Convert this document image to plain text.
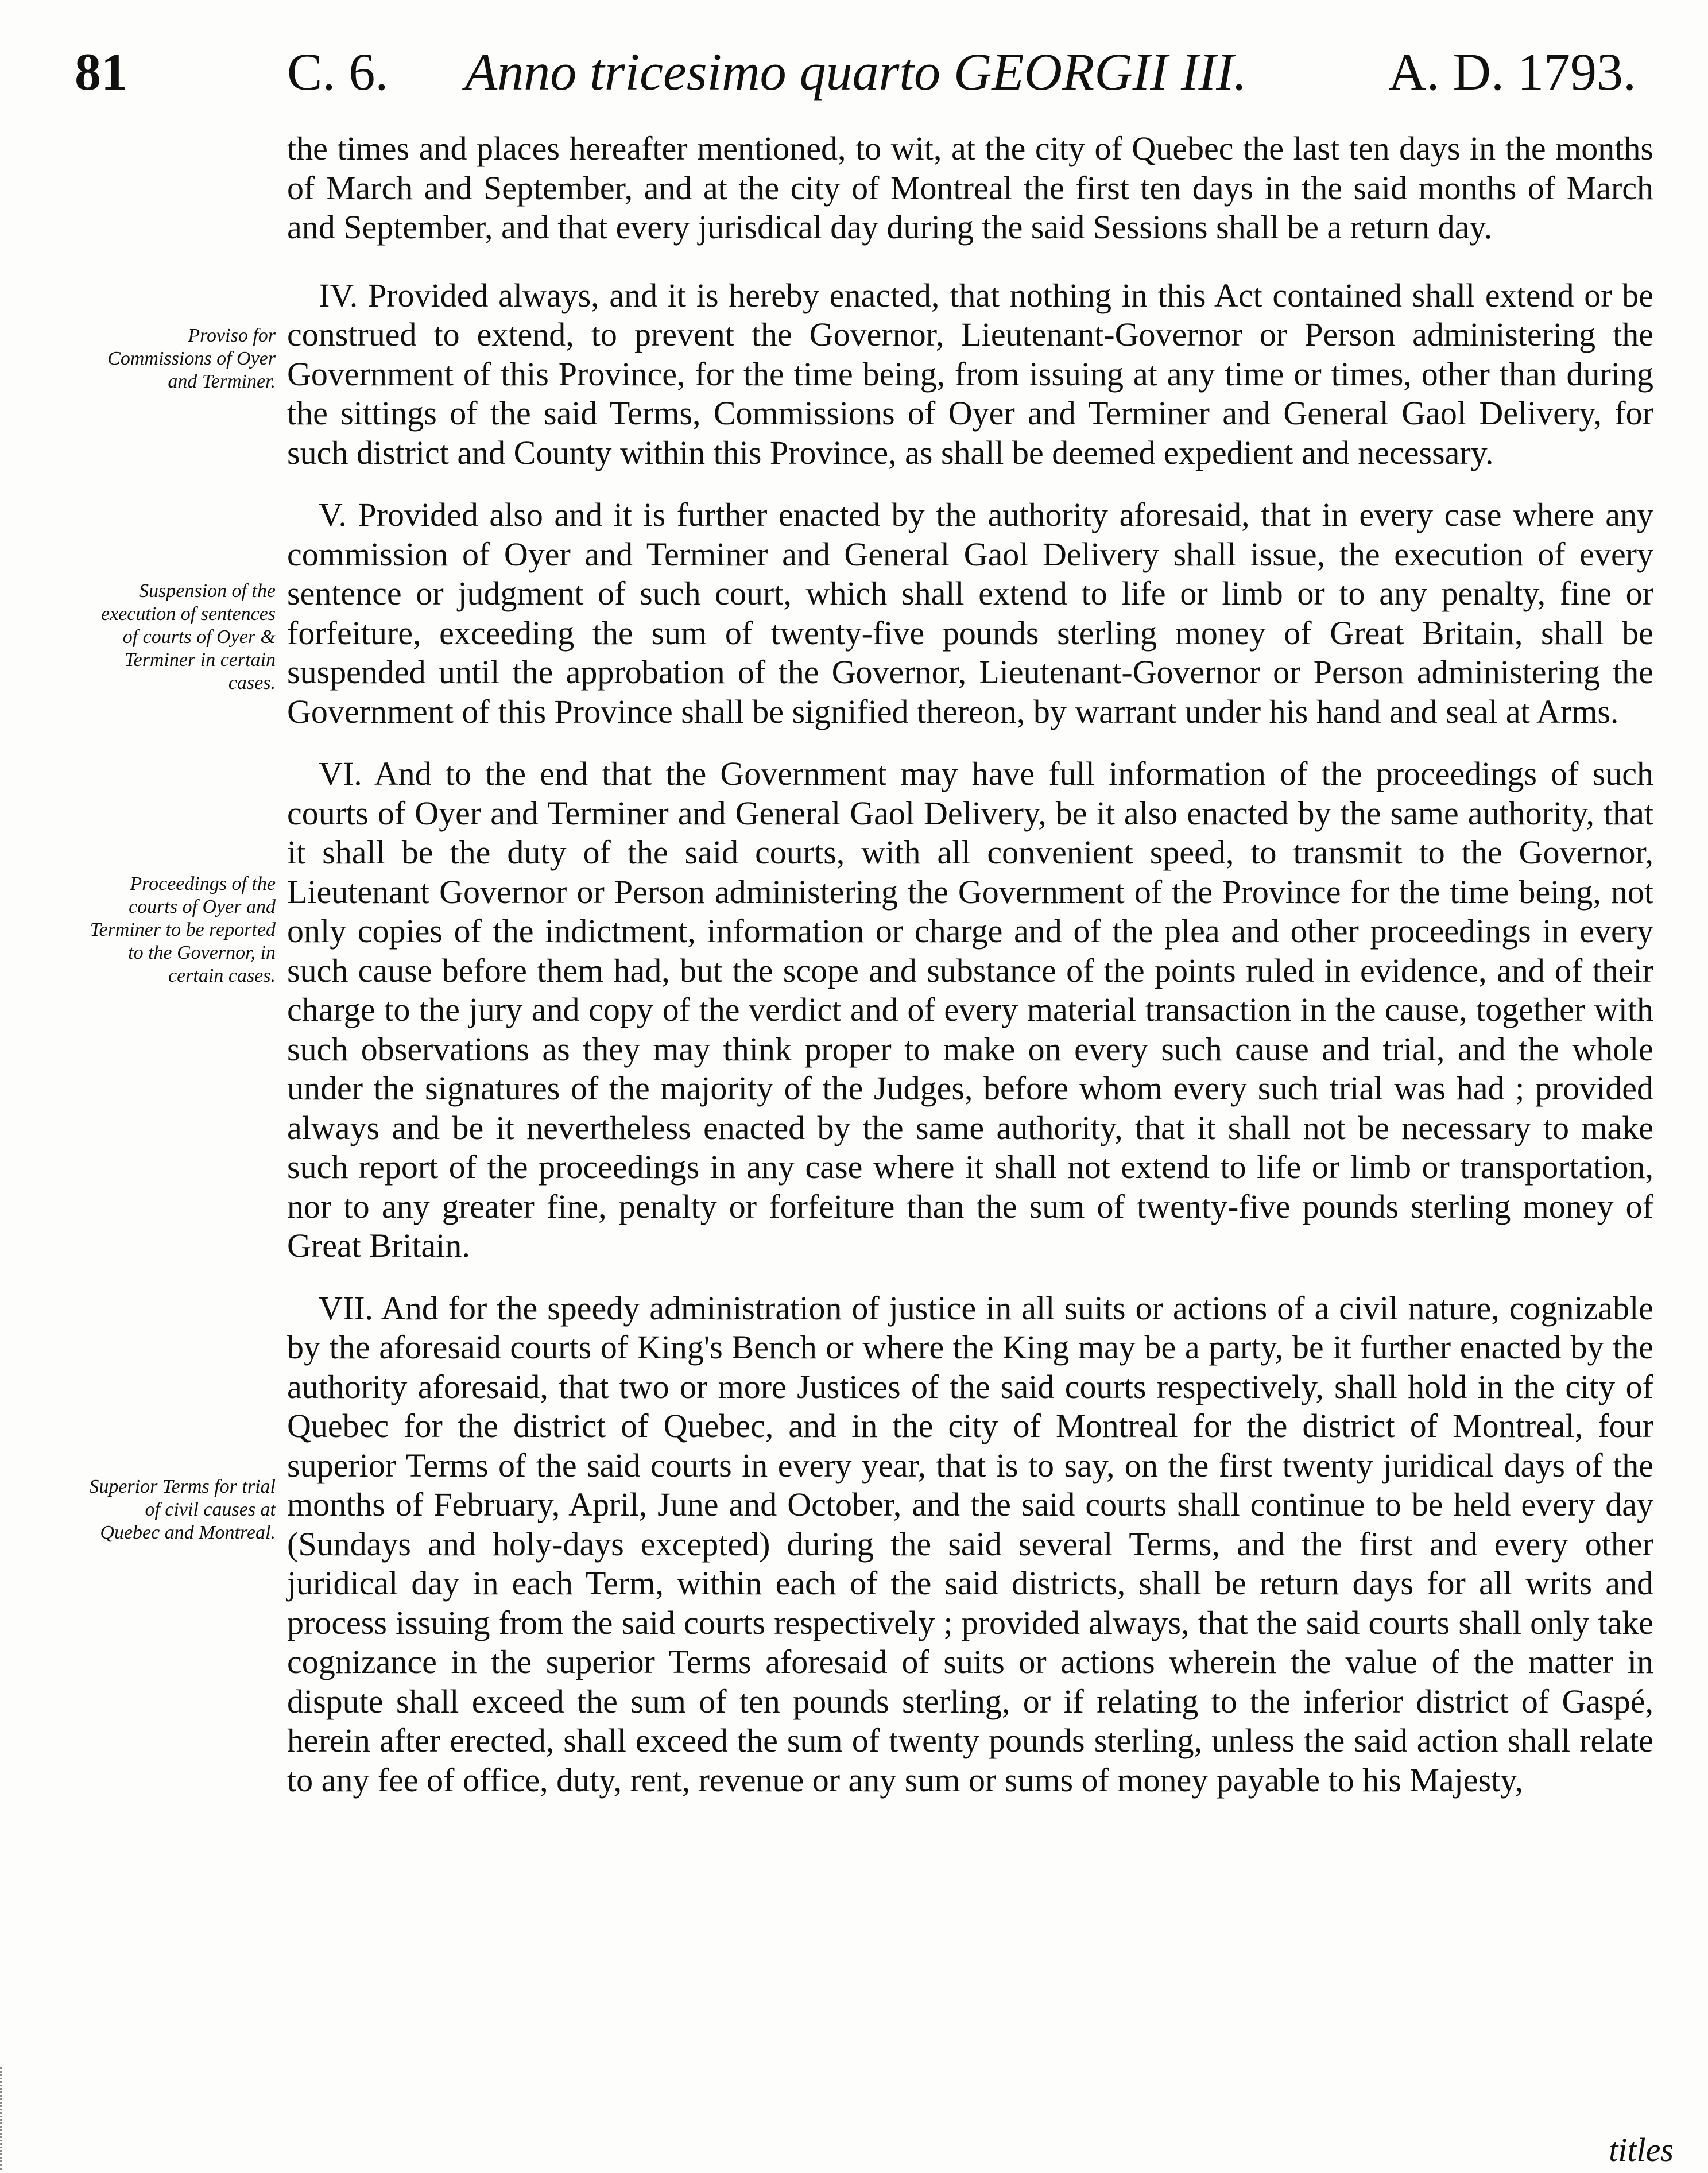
81	C. 6. Anno tricesimo quarto GEORGII III.	A. D. 1793.
Proviso for Commissions of Oyer and Terminer.
Suspension of the execution of sentences of courts of Oyer & Terminer in certain cases.
Proceedings of the courts of Oyer and Terminer to be reported to the Governor, in certain cases.
Superior Terms for trial of civil causes at Quebec and Montreal.

the times and places hereafter mentioned, to wit, at the city of Quebec the last ten days in the months of March and September, and at the city of Montreal the first ten days in the said months of March and September, and that every jurisdical day during the said Sessions shall be a return day.

IV. Provided always, and it is hereby enacted, that nothing in this Act contained shall extend or be construed to extend, to prevent the Governor, Lieutenant-Governor or Person administering the Government of this Province, for the time being, from issuing at any time or times, other than during the sittings of the said Terms, Commissions of Oyer and Terminer and General Gaol Delivery, for such district and County within this Province, as shall be deemed expedient and necessary.

V. Provided also and it is further enacted by the authority aforesaid, that in every case where any commission of Oyer and Terminer and General Gaol Delivery shall issue, the execution of every sentence or judgment of such court, which shall extend to life or limb or to any penalty, fine or forfeiture, exceeding the sum of twenty-five pounds sterling money of Great Britain, shall be suspended until the approbation of the Governor, Lieutenant-Governor or Person administering the Government of this Province shall be signified thereon, by warrant under his hand and seal at Arms.

VI. And to the end that the Government may have full information of the proceedings of such courts of Oyer and Terminer and General Gaol Delivery, be it also enacted by the same authority, that it shall be the duty of the said courts, with all convenient speed, to transmit to the Governor, Lieutenant Governor or Person administering the Government of the Province for the time being, not only copies of the indictment, information or charge and of the plea and other proceedings in every such cause before them had, but the scope and substance of the points ruled in evidence, and of their charge to the jury and copy of the verdict and of every material transaction in the cause, together with such observations as they may think proper to make on every such cause and trial, and the whole under the signatures of the majority of the Judges, before whom every such trial was had ; provided always and be it nevertheless enacted by the same authority, that it shall not be necessary to make such report of the proceedings in any case where it shall not extend to life or limb or transportation, nor to any greater fine, penalty or forfeiture than the sum of twenty-five pounds sterling money of Great Britain.

VII. And for the speedy administration of justice in all suits or actions of a civil nature, cognizable by the aforesaid courts of King's Bench or where the King may be a party, be it further enacted by the authority aforesaid, that two or more Justices of the said courts respectively, shall hold in the city of Quebec for the district of Quebec, and in the city of Montreal for the district of Montreal, four superior Terms of the said courts in every year, that is to say, on the first twenty juridical days of the months of February, April, June and October, and the said courts shall continue to be held every day (Sundays and holy-days excepted) during the said several Terms, and the first and every other juridical day in each Term, within each of the said districts, shall be return days for all writs and process issuing from the said courts respectively ; provided always, that the said courts shall only take cognizance in the superior Terms aforesaid of suits or actions wherein the value of the matter in dispute shall exceed the sum of ten pounds sterling, or if relating to the inferior district of Gaspé, herein after erected, shall exceed the sum of twenty pounds sterling, unless the said action shall relate to any fee of office, duty, rent, revenue or any sum or sums of money payable to his Majesty,

titles
